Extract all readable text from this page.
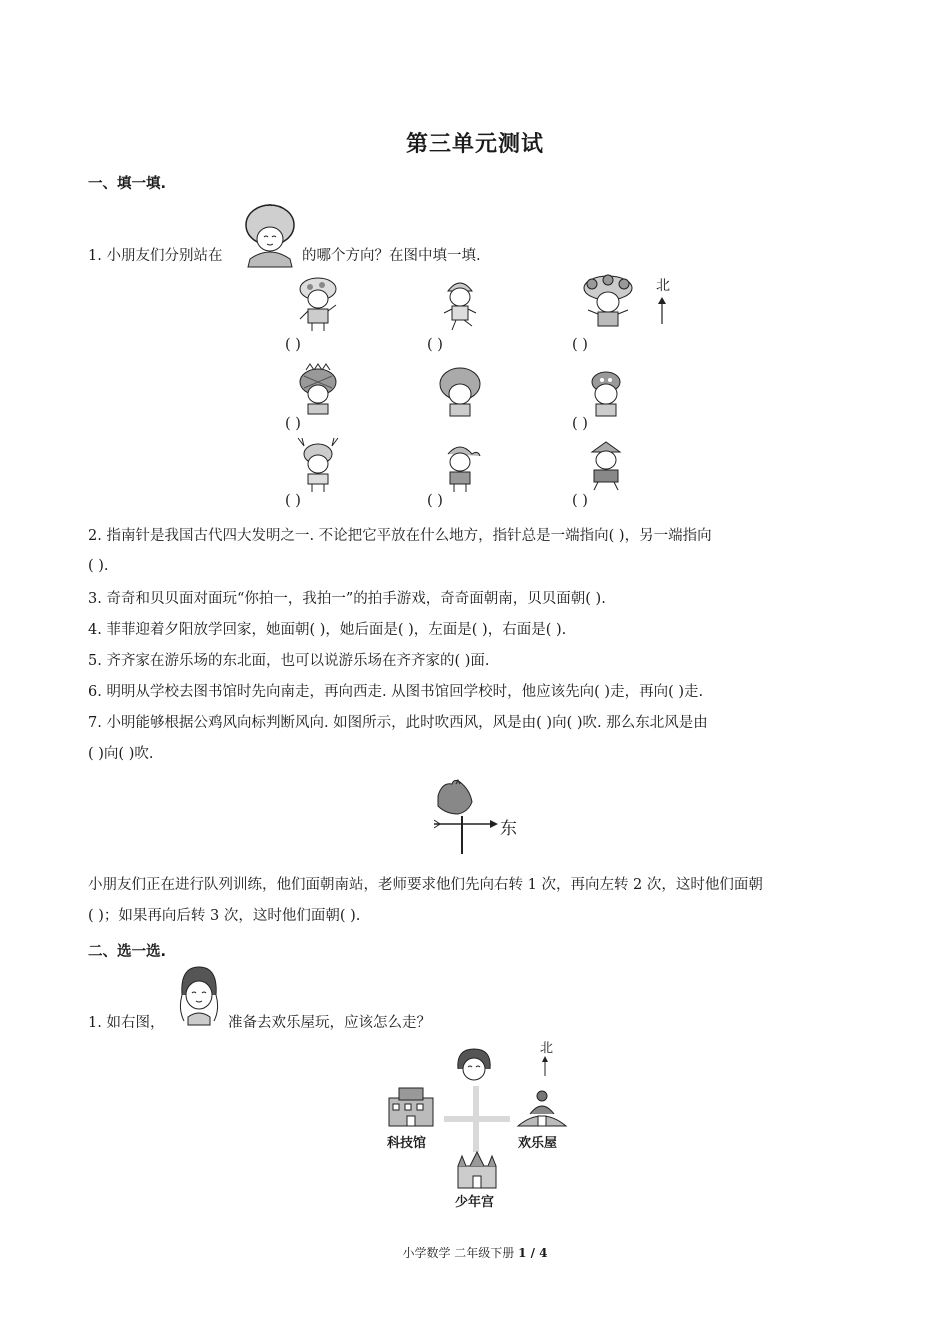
第三单元测试
一、填一填.
1. 小朋友们分别站在	的哪个方向？在图中填一填.
北
( )	( )	( )
( )	( )
( )	( )	( )
2. 指南针是我国古代四大发明之一. 不论把它平放在什么地方，指针总是一端指向( )，另一端指向
( ).
3. 奇奇和贝贝面对面玩“你拍一，我拍一”的拍手游戏，奇奇面朝南，贝贝面朝( ).
4. 菲菲迎着夕阳放学回家，她面朝( )，她后面是( )，左面是( )，右面是( ).
5. 齐齐家在游乐场的东北面，也可以说游乐场在齐齐家的( )面.
6. 明明从学校去图书馆时先向南走，再向西走. 从图书馆回学校时，他应该先向( )走，再向( )走.
7. 小明能够根据公鸡风向标判断风向. 如图所示，此时吹西风，风是由( )向( )吹. 那么东北风是由
( )向( )吹.
东
小朋友们正在进行队列训练，他们面朝南站，老师要求他们先向右转 1 次，再向左转 2 次，这时他们面朝
( )；如果再向后转 3 次，这时他们面朝( ).
二、选一选.
1. 如右图，	准备去欢乐屋玩，应该怎么走？
北
科技馆	欢乐屋
少年宫
小学数学 二年级下册 1 / 4
